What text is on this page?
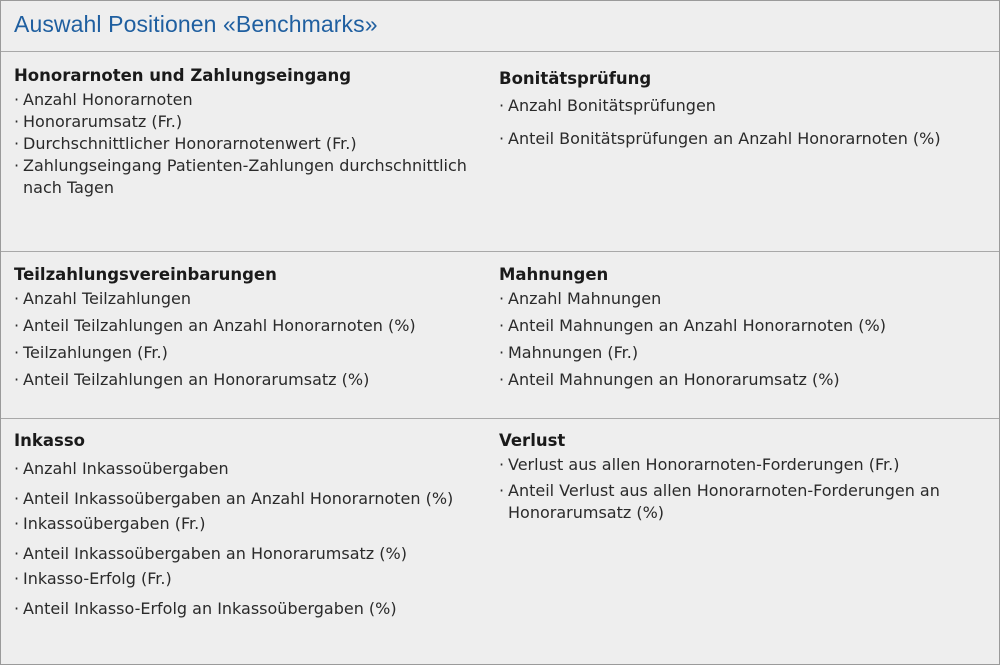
Auswahl Positionen «Benchmarks»
Honorarnoten und Zahlungseingang
· Anzahl Honorarnoten
· Honorarumsatz (Fr.)
· Durchschnittlicher Honorarnotenwert (Fr.)
· Zahlungseingang Patienten-Zahlungen durchschnittlich nach Tagen
Bonitätsprüfung
· Anzahl Bonitätsprüfungen
· Anteil Bonitätsprüfungen an Anzahl Honorarnoten (%)
Teilzahlungsvereinbarungen
· Anzahl Teilzahlungen
· Anteil Teilzahlungen an Anzahl Honorarnoten (%)
· Teilzahlungen (Fr.)
· Anteil Teilzahlungen an Honorarumsatz (%)
Mahnungen
· Anzahl Mahnungen
· Anteil Mahnungen an Anzahl Honorarnoten (%)
· Mahnungen (Fr.)
· Anteil Mahnungen an Honorarumsatz (%)
Inkasso
· Anzahl Inkassoübergaben
· Anteil Inkassoübergaben an Anzahl Honorarnoten (%)
· Inkassoübergaben (Fr.)
· Anteil Inkassoübergaben an Honorarumsatz (%)
· Inkasso-Erfolg (Fr.)
· Anteil Inkasso-Erfolg an Inkassoübergaben (%)
Verlust
· Verlust aus allen Honorarnoten-Forderungen (Fr.)
· Anteil Verlust aus allen Honorarnoten-Forderungen an Honorarumsatz (%)
